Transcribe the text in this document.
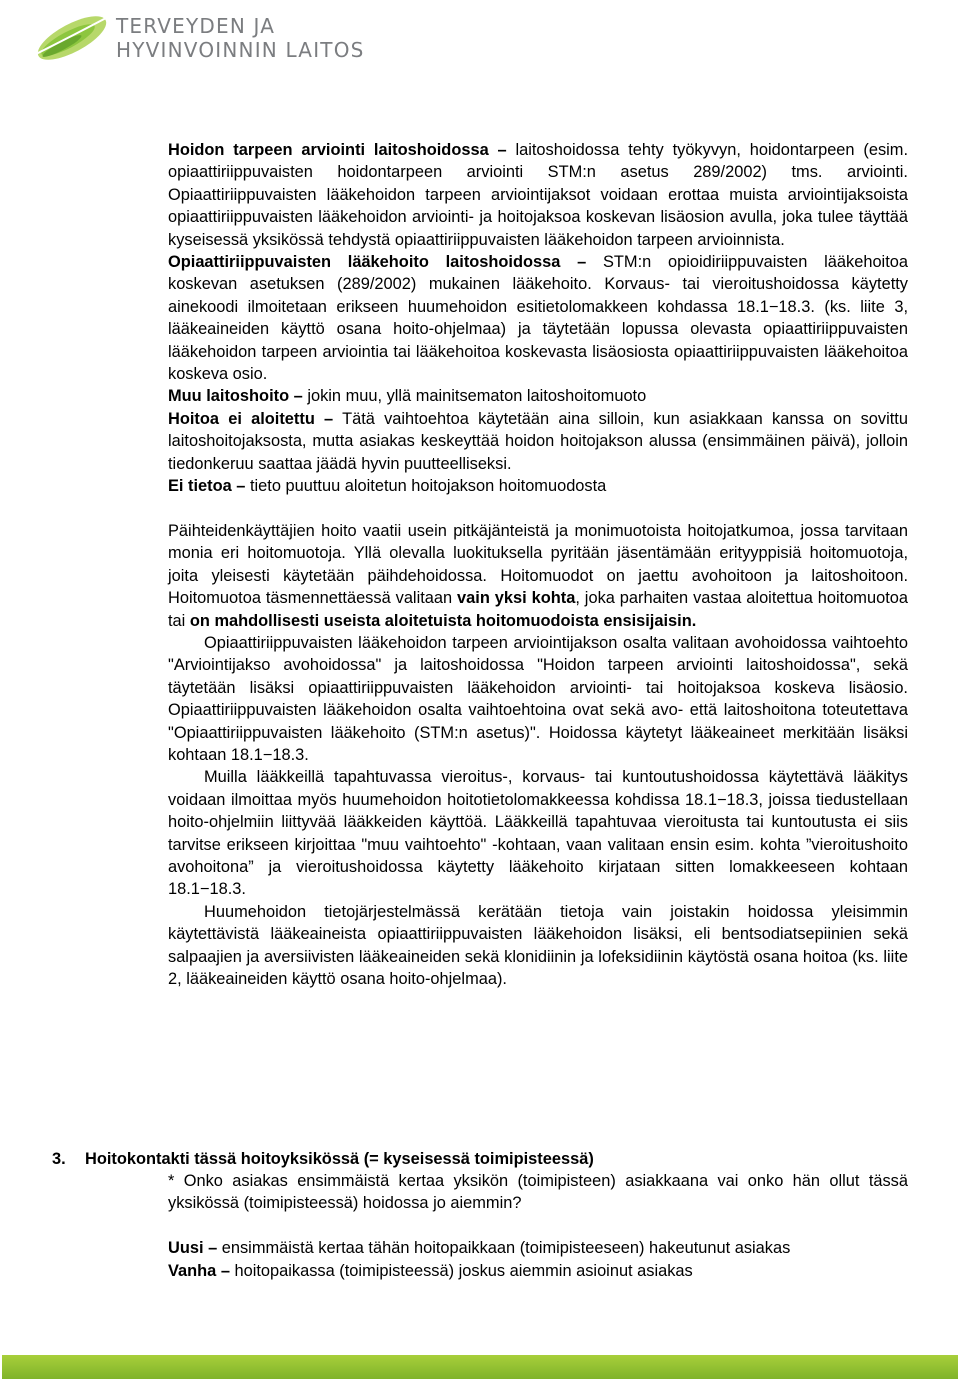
TERVEYDEN JA
HYVINVOINNIN LAITOS

Hoidon tarpeen arviointi laitoshoidossa – laitoshoidossa tehty työkyvyn, hoidontarpeen (esim. opiaattiriippuvaisten hoidontarpeen arviointi STM:n asetus 289/2002) tms. arviointi. Opiaattiriippuvaisten lääkehoidon tarpeen arviointijaksot voidaan erottaa muista arviointijaksoista opiaattiriippuvaisten lääkehoidon arviointi- ja hoitojaksoa koskevan lisäosion avulla, joka tulee täyttää kyseisessä yksikössä tehdystä opiaattiriippuvaisten lääkehoidon tarpeen arvioinnista.

Opiaattiriippuvaisten lääkehoito laitoshoidossa – STM:n opioidiriippuvaisten lääkehoitoa koskevan asetuksen (289/2002) mukainen lääkehoito. Korvaus- tai vieroitushoidossa käytetty ainekoodi ilmoitetaan erikseen huumehoidon esitietolomakkeen kohdassa 18.1−18.3. (ks. liite 3, lääkeaineiden käyttö osana hoito-ohjelmaa) ja täytetään lopussa olevasta opiaattiriippuvaisten lääkehoidon tarpeen arviointia tai lääkehoitoa koskevasta lisäosiosta opiaattiriippuvaisten lääkehoitoa koskeva osio.

Muu laitoshoito – jokin muu, yllä mainitsematon laitoshoitomuoto

Hoitoa ei aloitettu – Tätä vaihtoehtoa käytetään aina silloin, kun asiakkaan kanssa on sovittu laitoshoitojaksosta, mutta asiakas keskeyttää hoidon hoitojakson alussa (ensimmäinen päivä), jolloin tiedonkeruu saattaa jäädä hyvin puutteelliseksi.

Ei tietoa – tieto puuttuu aloitetun hoitojakson hoitomuodosta

Päihteidenkäyttäjien hoito vaatii usein pitkäjänteistä ja monimuotoista hoitojatkumoa, jossa tarvitaan monia eri hoitomuotoja. Yllä olevalla luokituksella pyritään jäsentämään erityyppisiä hoitomuotoja, joita yleisesti käytetään päihdehoidossa. Hoitomuodot on jaettu avohoitoon ja laitoshoitoon. Hoitomuotoa täsmennettäessä valitaan vain yksi kohta, joka parhaiten vastaa aloitettua hoitomuotoa tai on mahdollisesti useista aloitetuista hoitomuodoista ensisijaisin.

Opiaattiriippuvaisten lääkehoidon tarpeen arviointijakson osalta valitaan avohoidossa vaihtoehto "Arviointijakso avohoidossa" ja laitoshoidossa "Hoidon tarpeen arviointi laitoshoidossa", sekä täytetään lisäksi opiaattiriippuvaisten lääkehoidon arviointi- tai hoitojaksoa koskeva lisäosio. Opiaattiriippuvaisten lääkehoidon osalta vaihtoehtoina ovat sekä avo- että laitoshoitona toteutettava "Opiaattiriippuvaisten lääkehoito (STM:n asetus)". Hoidossa käytetyt lääkeaineet merkitään lisäksi kohtaan 18.1−18.3.

Muilla lääkkeillä tapahtuvassa vieroitus-, korvaus- tai kuntoutushoidossa käytettävä lääkitys voidaan ilmoittaa myös huumehoidon hoitotietolomakkeessa kohdissa 18.1−18.3, joissa tiedustellaan hoito-ohjelmiin liittyvää lääkkeiden käyttöä. Lääkkeillä tapahtuvaa vieroitusta tai kuntoutusta ei siis tarvitse erikseen kirjoittaa "muu vaihtoehto" -kohtaan, vaan valitaan ensin esim. kohta ”vieroitushoito avohoitona” ja vieroitushoidossa käytetty lääkehoito kirjataan sitten lomakkeeseen kohtaan 18.1−18.3.

Huumehoidon tietojärjestelmässä kerätään tietoja vain joistakin hoidossa yleisimmin käytettävistä lääkeaineista opiaattiriippuvaisten lääkehoidon lisäksi, eli bentsodiatsepiinien sekä salpaajien ja aversiivisten lääkeaineiden sekä klonidiinin ja lofeksidiinin käytöstä osana hoitoa (ks. liite 2, lääkeaineiden käyttö osana hoito-ohjelmaa).

3. Hoitokontakti tässä hoitoyksikössä (= kyseisessä toimipisteessä)

* Onko asiakas ensimmäistä kertaa yksikön (toimipisteen) asiakkaana vai onko hän ollut tässä yksikössä (toimipisteessä) hoidossa jo aiemmin?

Uusi – ensimmäistä kertaa tähän hoitopaikkaan (toimipisteeseen) hakeutunut asiakas

Vanha – hoitopaikassa (toimipisteessä) joskus aiemmin asioinut asiakas
